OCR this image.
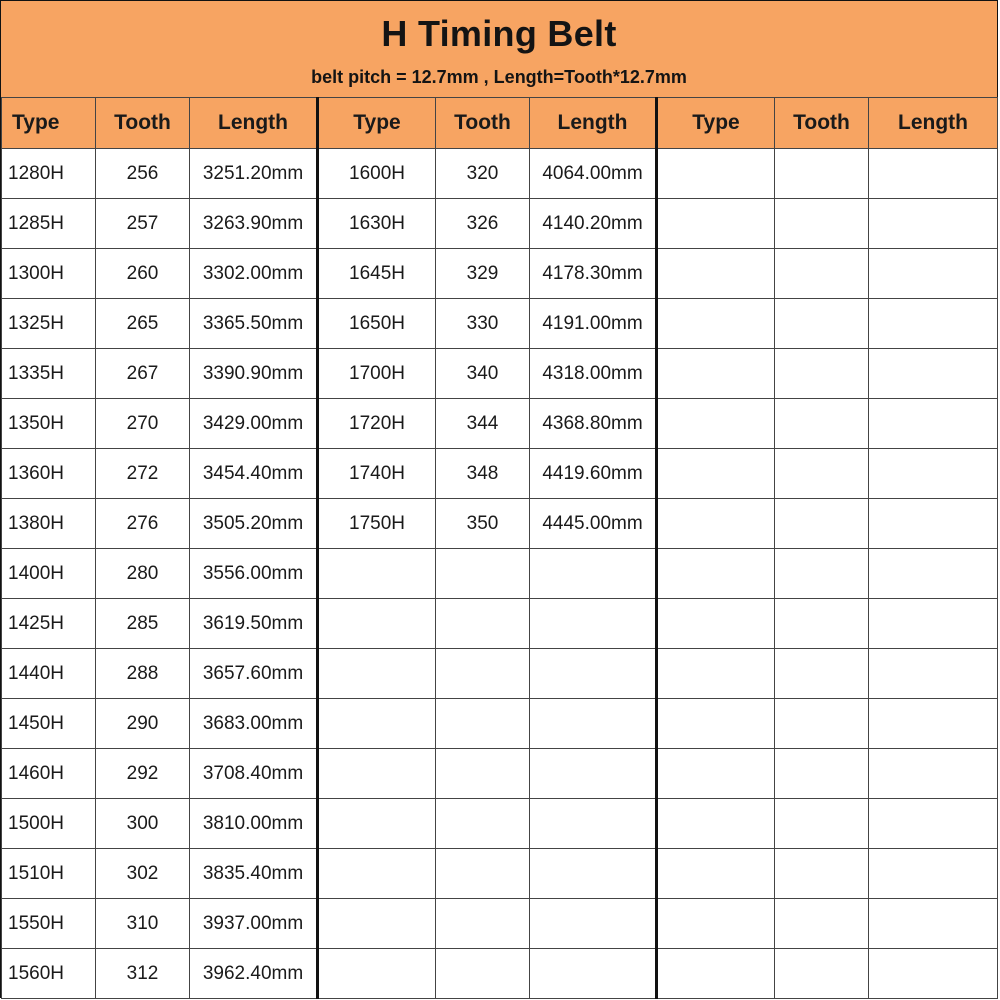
H Timing Belt
belt pitch = 12.7mm , Length=Tooth*12.7mm
Type	Tooth	Length	Type	Tooth	Length	Type	Tooth	Length
1280H	256	3251.20mm	1600H	320	4064.00mm			
1285H	257	3263.90mm	1630H	326	4140.20mm			
1300H	260	3302.00mm	1645H	329	4178.30mm			
1325H	265	3365.50mm	1650H	330	4191.00mm			
1335H	267	3390.90mm	1700H	340	4318.00mm			
1350H	270	3429.00mm	1720H	344	4368.80mm			
1360H	272	3454.40mm	1740H	348	4419.60mm			
1380H	276	3505.20mm	1750H	350	4445.00mm			
1400H	280	3556.00mm						
1425H	285	3619.50mm						
1440H	288	3657.60mm						
1450H	290	3683.00mm						
1460H	292	3708.40mm						
1500H	300	3810.00mm						
1510H	302	3835.40mm						
1550H	310	3937.00mm						
1560H	312	3962.40mm						
